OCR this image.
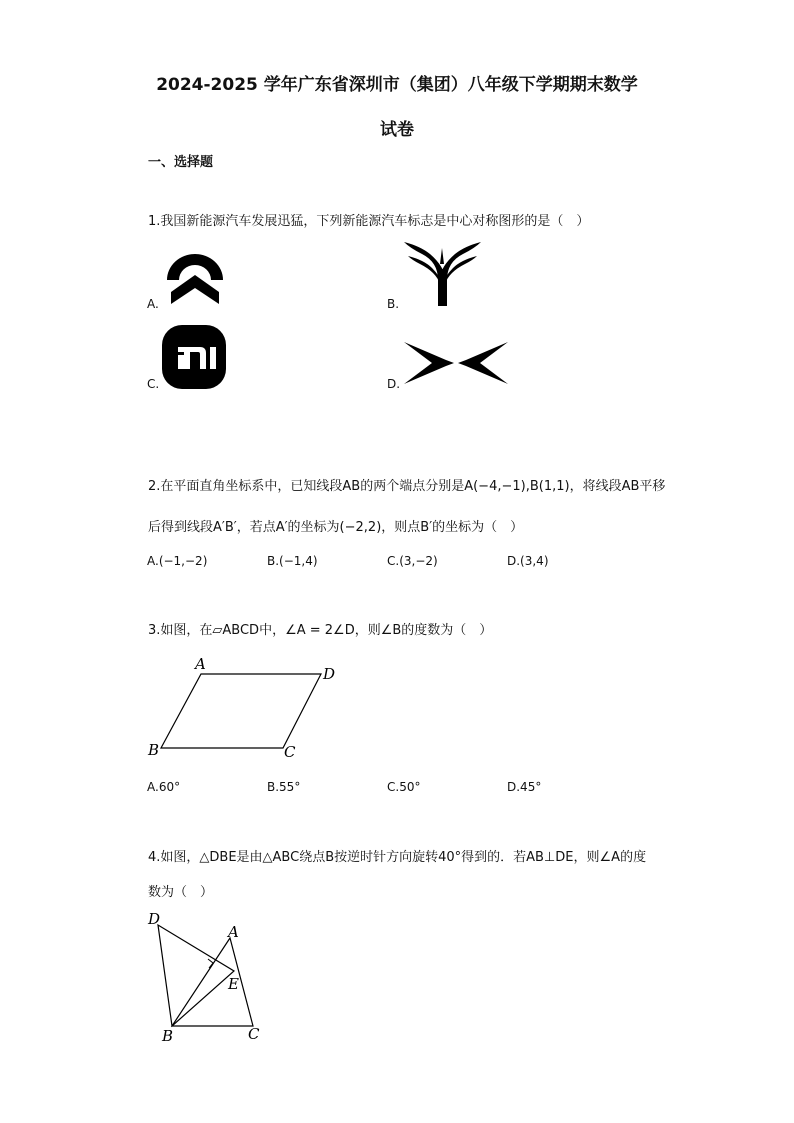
2024-2025 学年广东省深圳市（集团）八年级下学期期末数学
试卷
一、选择题
1.我国新能源汽车发展迅猛，下列新能源汽车标志是中心对称图形的是（　）
A.	B.
C.	D.
2.在平面直角坐标系中，已知线段AB的两个端点分别是A(−4,−1),B(1,1)，将线段AB平移
后得到线段A′B′，若点A′的坐标为(−2,2)，则点B′的坐标为（　）
A.(−1,−2)	B.(−1,4)	C.(3,−2)	D.(3,4)
3.如图，在▱ABCD中，∠A = 2∠D，则∠B的度数为（　）
A
D
B	C
A.60°	B.55°	C.50°	D.45°
4.如图，△DBE是由△ABC绕点B按逆时针方向旋转40°得到的．若AB⊥DE，则∠A的度
数为（　）
D
A
E
B	C
